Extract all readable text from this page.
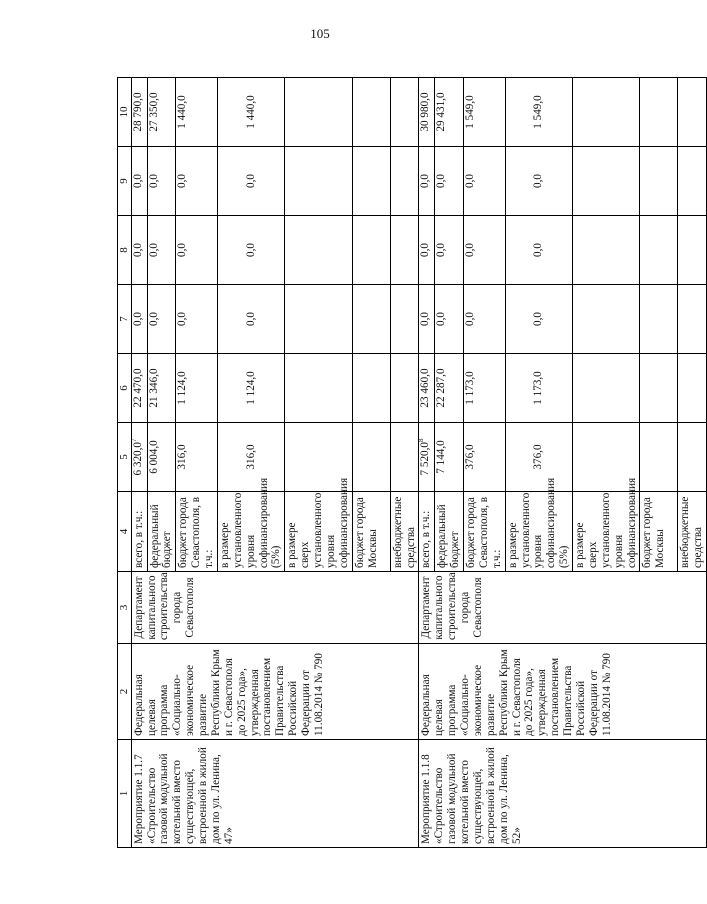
105
1	2	3	4	5	6	7	8	9	10
Мероприятие 1.1.7 «Строительство газовой модульной котельной вместо существующей, встроенной в жилой дом по ул. Ленина, 47»	Федеральная целевая программа «Социально-экономическое развитие Республики Крым и г. Севастополя до 2025 года», утвержденная постановлением Правительства Российской Федерации от 11.08.2014 № 790	Департамент капитального строительства города Севастополя	всего, в т.ч.:	6 320,0$^7$	22 470,0	0,0	0,0	0,0	28 790,0
			федеральный бюджет	6 004,0	21 346,0	0,0	0,0	0,0	27 350,0
			бюджет города Севастополя, в т.ч.:	316,0	1 124,0	0,0	0,0	0,0	1 440,0
			в размере установленного уровня софинансирования (5%)	316,0	1 124,0	0,0	0,0	0,0	1 440,0
			в размере сверх установленного уровня софинансирования						
			бюджет города Москвы						
			внебюджетные средства						
Мероприятие 1.1.8 «Строительство газовой модульной котельной вместо существующей, встроенной в жилой дом по ул. Ленина, 52»	Федеральная целевая программа «Социально-экономическое развитие Республики Крым и г. Севастополя до 2025 года», утвержденная постановлением Правительства Российской Федерации от 11.08.2014 № 790	Департамент капитального строительства города Севастополя	всего, в т.ч.:	7 520,0$^8$	23 460,0	0,0	0,0	0,0	30 980,0
			федеральный бюджет	7 144,0	22 287,0	0,0	0,0	0,0	29 431,0
			бюджет города Севастополя, в т.ч.:	376,0	1 173,0	0,0	0,0	0,0	1 549,0
			в размере установленного уровня софинансирования (5%)	376,0	1 173,0	0,0	0,0	0,0	1 549,0
			в размере сверх установленного уровня софинансирования						
			бюджет города Москвы						
			внебюджетные средства						
